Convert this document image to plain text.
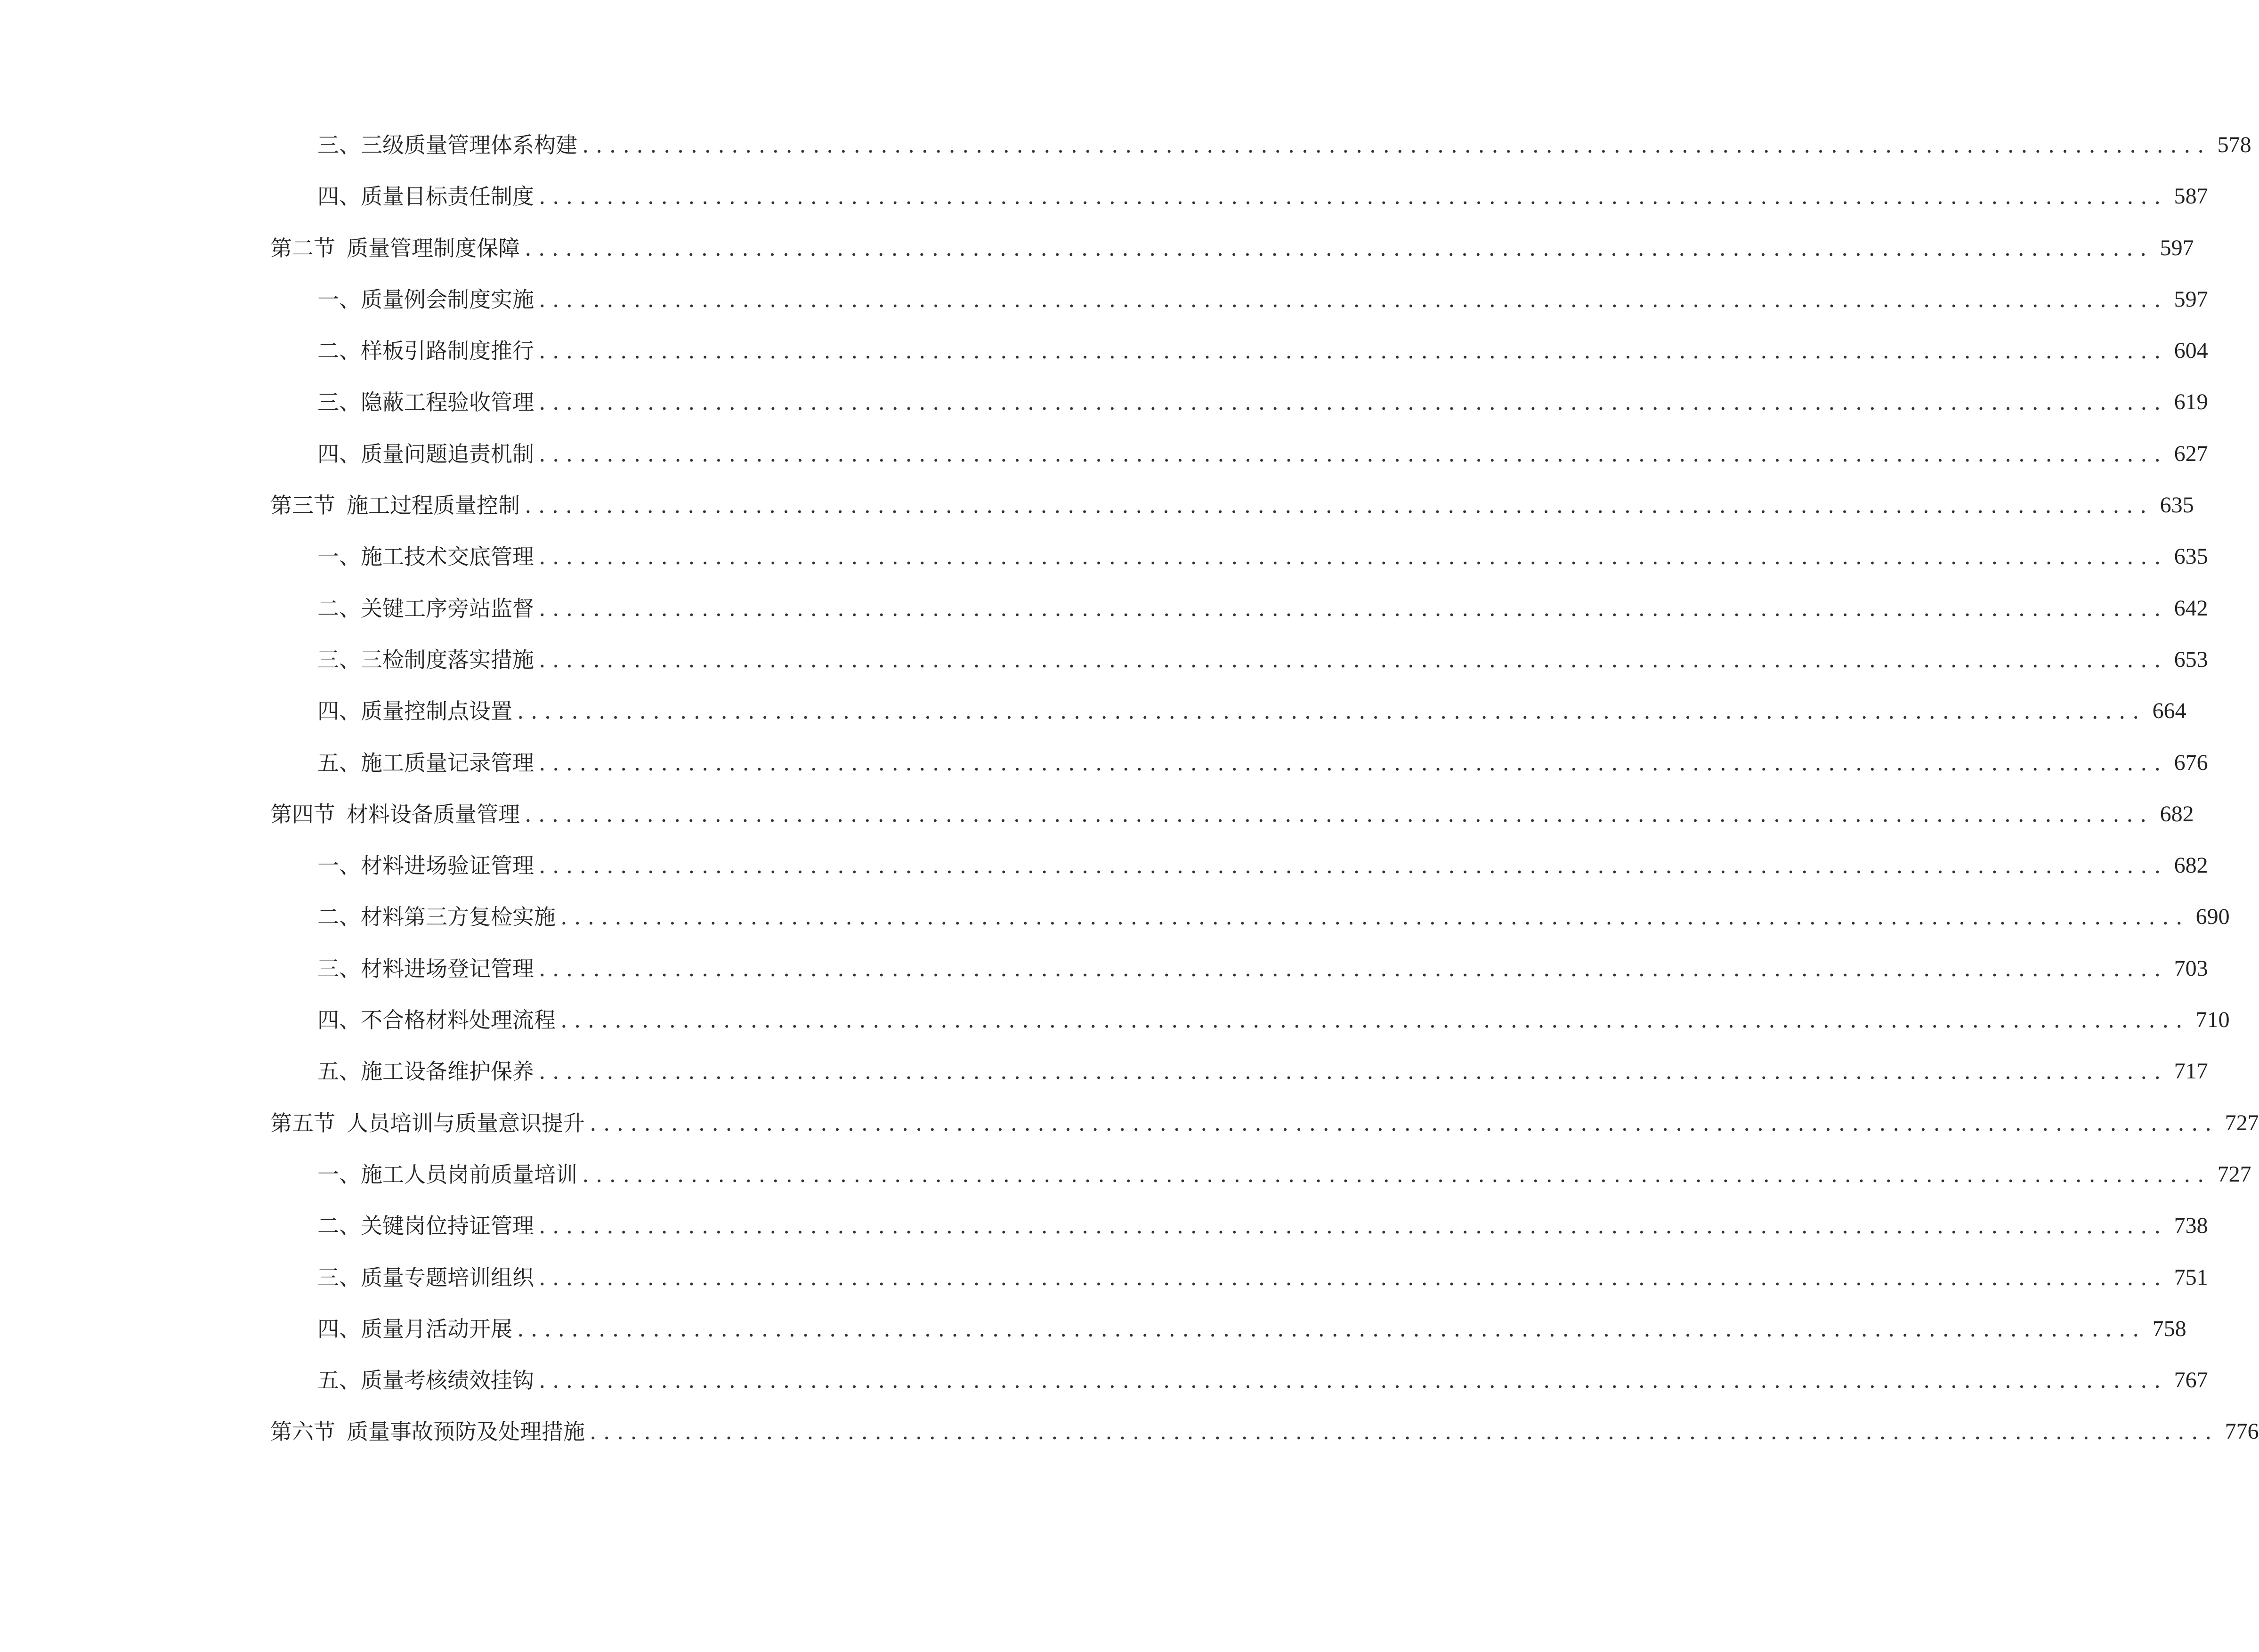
三、 三级质量管理体系构建 ........................................................................................................................ 578
四、 质量目标责任制度 ........................................................................................................................ 587
第二节 质量管理制度保障 ........................................................................................................................ 597
一、 质量例会制度实施 ........................................................................................................................ 597
二、 样板引路制度推行 ........................................................................................................................ 604
三、 隐蔽工程验收管理 ........................................................................................................................ 619
四、 质量问题追责机制 ........................................................................................................................ 627
第三节 施工过程质量控制 ........................................................................................................................ 635
一、 施工技术交底管理 ........................................................................................................................ 635
二、 关键工序旁站监督 ........................................................................................................................ 642
三、 三检制度落实措施 ........................................................................................................................ 653
四、 质量控制点设置 ........................................................................................................................ 664
五、 施工质量记录管理 ........................................................................................................................ 676
第四节 材料设备质量管理 ........................................................................................................................ 682
一、 材料进场验证管理 ........................................................................................................................ 682
二、 材料第三方复检实施 ........................................................................................................................ 690
三、 材料进场登记管理 ........................................................................................................................ 703
四、 不合格材料处理流程 ........................................................................................................................ 710
五、 施工设备维护保养 ........................................................................................................................ 717
第五节 人员培训与质量意识提升 ........................................................................................................................ 727
一、 施工人员岗前质量培训 ........................................................................................................................ 727
二、 关键岗位持证管理 ........................................................................................................................ 738
三、 质量专题培训组织 ........................................................................................................................ 751
四、 质量月活动开展 ........................................................................................................................ 758
五、 质量考核绩效挂钩 ........................................................................................................................ 767
第六节 质量事故预防及处理措施 ........................................................................................................................ 776
